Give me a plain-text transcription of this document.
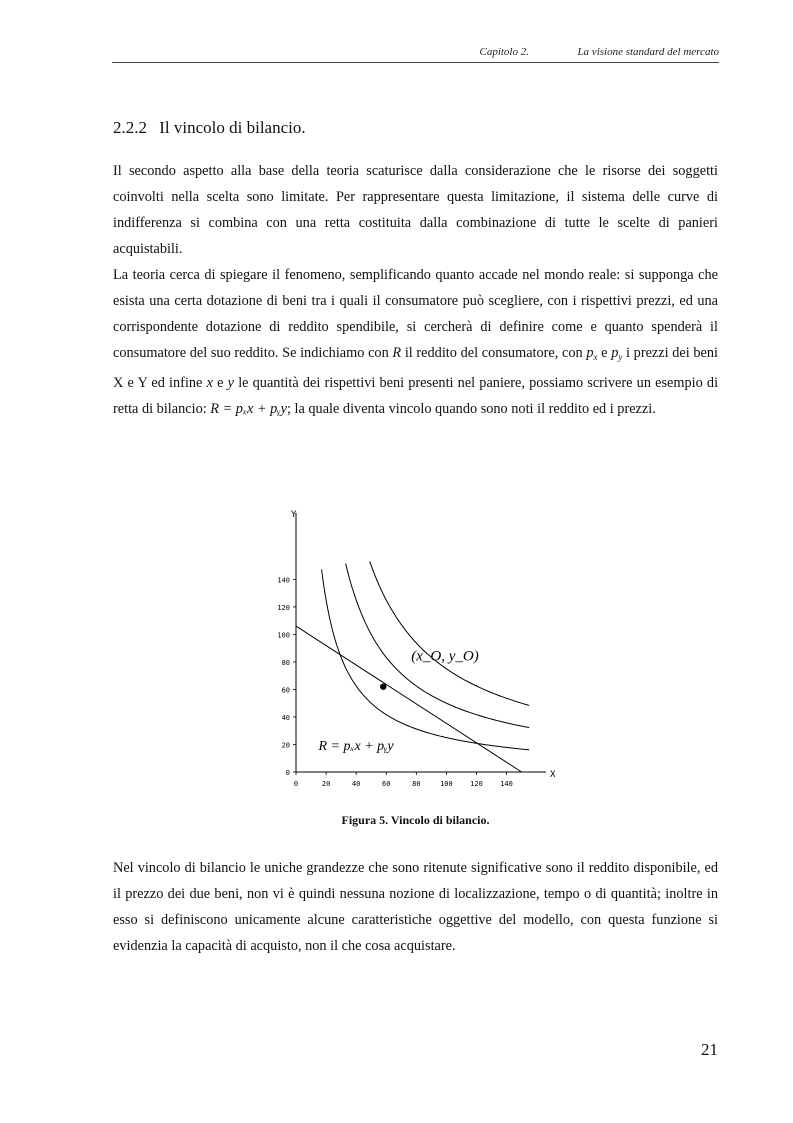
Capitolo 2.	La visione standard del mercato
2.2.2 Il vincolo di bilancio.

Il secondo aspetto alla base della teoria scaturisce dalla considerazione che le risorse dei soggetti coinvolti nella scelta sono limitate. Per rappresentare questa limitazione, il sistema delle curve di indifferenza si combina con una retta costituita dalla combinazione di tutte le scelte di panieri acquistabili.

La teoria cerca di spiegare il fenomeno, semplificando quanto accade nel mondo reale: si supponga che esista una certa dotazione di beni tra i quali il consumatore può scegliere, con i rispettivi prezzi, ed una corrispondente dotazione di reddito spendibile, si cercherà di definire come e quanto spenderà il consumatore del suo reddito. Se indichiamo con R il reddito del consumatore, con $p_x$ e $p_y$ i prezzi dei beni X e Y ed infine x e y le quantità dei rispettivi beni presenti nel paniere, possiamo scrivere un esempio di retta di bilancio: R = pₓx + pᵧy; la quale diventa vincolo quando sono noti il reddito ed i prezzi.

X
Y
0	20	40	60	80	100 120 140
0
20
40
60
80
100
120
140
(x_O, y_O)
R = pₓx + pᵧy
Figura 5. Vincolo di bilancio.

Nel vincolo di bilancio le uniche grandezze che sono ritenute significative sono il reddito disponibile, ed il prezzo dei due beni, non vi è quindi nessuna nozione di localizzazione, tempo o di quantità; inoltre in esso si definiscono unicamente alcune caratteristiche oggettive del modello, con questa funzione si evidenzia la capacità di acquisto, non il che cosa acquistare.

21
